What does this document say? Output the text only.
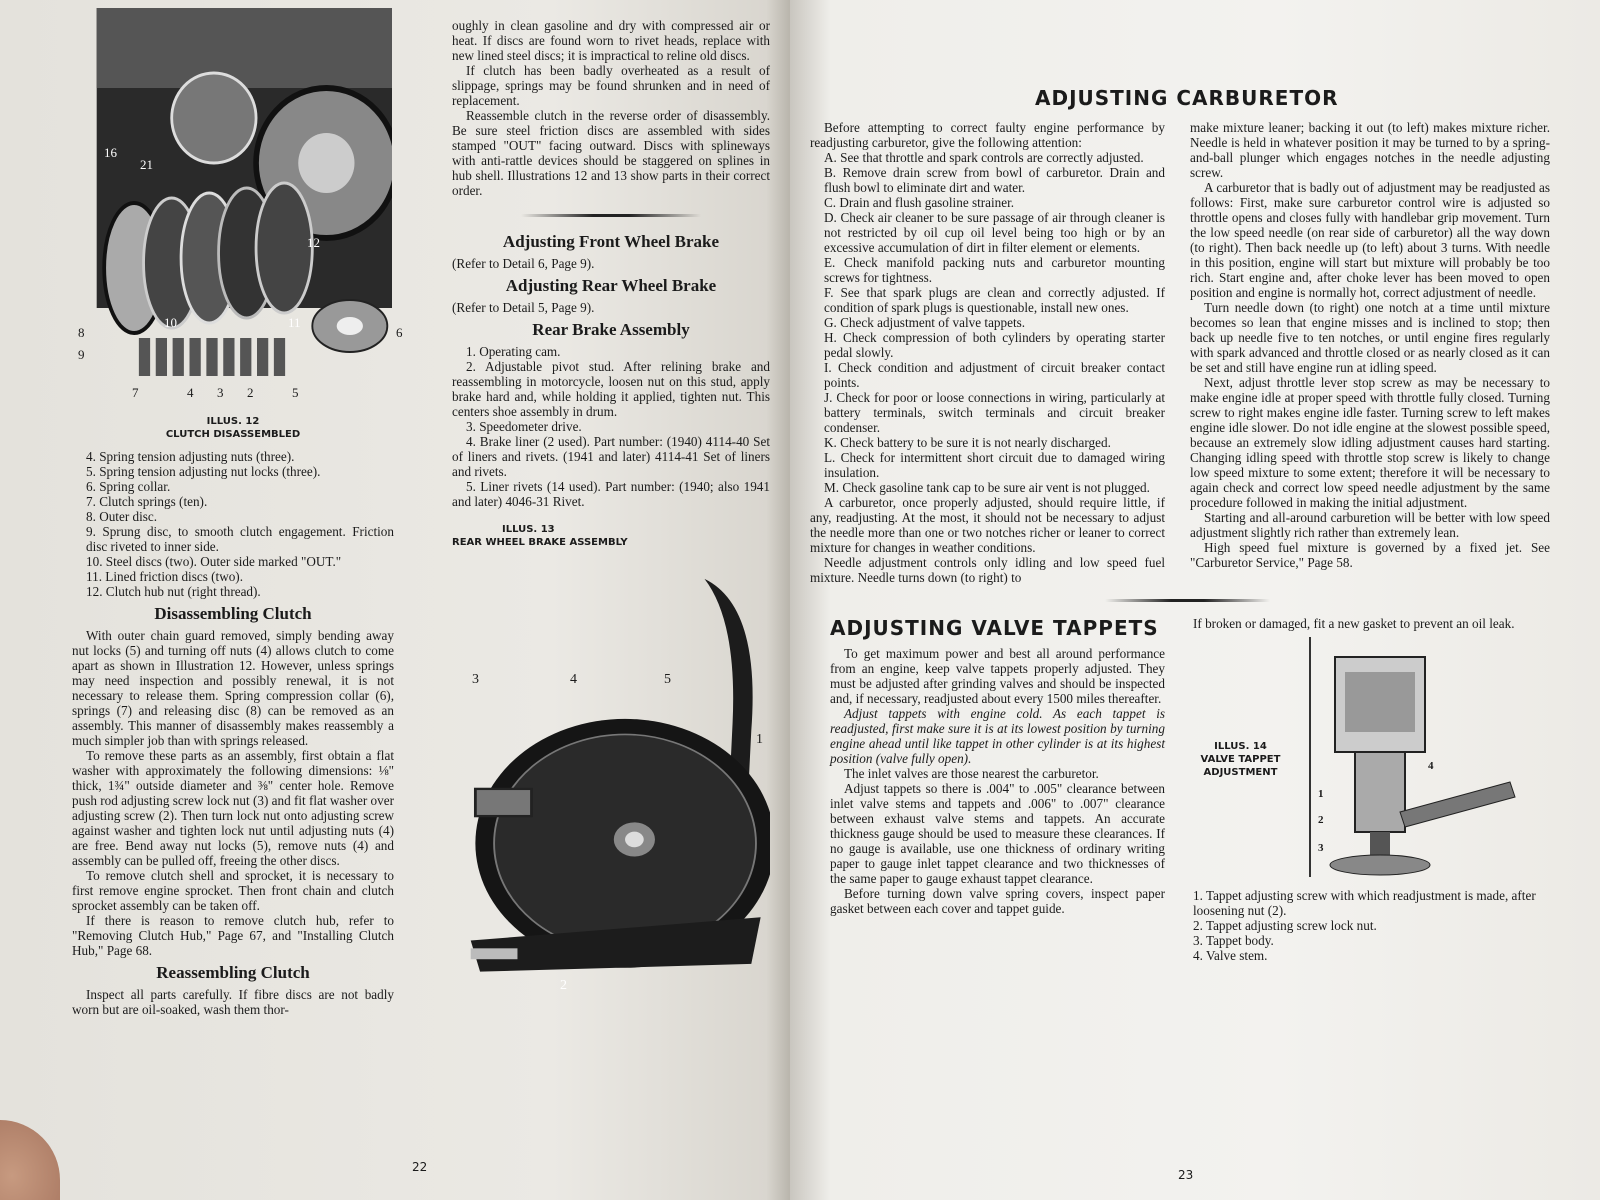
16
21
12
8
9
10	11
6
7	4 3 2	5
ILLUS. 12
CLUTCH DISASSEMBLED

4. Spring tension adjusting nuts (three).

5. Spring tension adjusting nut locks (three).

6. Spring collar.

7. Clutch springs (ten).

8. Outer disc.

9. Sprung disc, to smooth clutch engagement. Friction disc riveted to inner side.

10. Steel discs (two). Outer side marked "OUT."

11. Lined friction discs (two).

12. Clutch hub nut (right thread).

Disassembling Clutch

With outer chain guard removed, simply bending away nut locks (5) and turning off nuts (4) allows clutch to come apart as shown in Illustration 12. However, unless springs may need inspection and possibly renewal, it is not necessary to release them. Spring compression collar (6), springs (7) and releasing disc (8) can be removed as an assembly. This manner of disassembly makes reassembly a much simpler job than with springs released.

To remove these parts as an assembly, first obtain a flat washer with approximately the following dimensions: ⅛" thick, 1¾" outside diameter and ⅜" center hole. Remove push rod adjusting screw lock nut (3) and fit flat washer over adjusting screw (2). Then turn lock nut onto adjusting screw against washer and tighten lock nut until adjusting nuts (4) are free. Bend away nut locks (5), remove nuts (4) and assembly can be pulled off, freeing the other discs.

To remove clutch shell and sprocket, it is necessary to first remove engine sprocket. Then front chain and clutch sprocket assembly can be taken off.

If there is reason to remove clutch hub, refer to "Removing Clutch Hub," Page 67, and "Installing Clutch Hub," Page 68.

Reassembling Clutch

Inspect all parts carefully. If fibre discs are not badly worn but are oil-soaked, wash them thor-

oughly in clean gasoline and dry with compressed air or heat. If discs are found worn to rivet heads, replace with new lined steel discs; it is impractical to reline old discs.

If clutch has been badly overheated as a result of slippage, springs may be found shrunken and in need of replacement.

Reassemble clutch in the reverse order of disassembly. Be sure steel friction discs are assembled with sides stamped "OUT" facing outward. Discs with splineways with anti-rattle devices should be staggered on splines in hub shell. Illustrations 12 and 13 show parts in their correct order.

Adjusting Front Wheel Brake

(Refer to Detail 6, Page 9).

Adjusting Rear Wheel Brake

(Refer to Detail 5, Page 9).

Rear Brake Assembly

1. Operating cam.

2. Adjustable pivot stud. After relining brake and reassembling in motorcycle, loosen nut on this stud, apply brake hard and, while holding it applied, tighten nut. This centers shoe assembly in drum.

3. Speedometer drive.

4. Brake liner (2 used). Part number: (1940) 4114-40 Set of liners and rivets. (1941 and later) 4114-41 Set of liners and rivets.

5. Liner rivets (14 used). Part number: (1940; also 1941 and later) 4046-31 Rivet.

ILLUS. 13
REAR WHEEL BRAKE ASSEMBLY
3	4	5
1
2
22
ADJUSTING CARBURETOR

Before attempting to correct faulty engine performance by readjusting carburetor, give the following attention:

A. See that throttle and spark controls are correctly adjusted.

B. Remove drain screw from bowl of carburetor. Drain and flush bowl to eliminate dirt and water.

C. Drain and flush gasoline strainer.

D. Check air cleaner to be sure passage of air through cleaner is not restricted by oil cup oil level being too high or by an excessive accumulation of dirt in filter element or elements.

E. Check manifold packing nuts and carburetor mounting screws for tightness.

F. See that spark plugs are clean and correctly adjusted. If condition of spark plugs is questionable, install new ones.

G. Check adjustment of valve tappets.

H. Check compression of both cylinders by operating starter pedal slowly.

I. Check condition and adjustment of circuit breaker contact points.

J. Check for poor or loose connections in wiring, particularly at battery terminals, switch terminals and circuit breaker condenser.

K. Check battery to be sure it is not nearly discharged.

L. Check for intermittent short circuit due to damaged wiring insulation.

M. Check gasoline tank cap to be sure air vent is not plugged.

A carburetor, once properly adjusted, should require little, if any, readjusting. At the most, it should not be necessary to adjust the needle more than one or two notches richer or leaner to correct mixture for changes in weather conditions.

Needle adjustment controls only idling and low speed fuel mixture. Needle turns down (to right) to

make mixture leaner; backing it out (to left) makes mixture richer. Needle is held in whatever position it may be turned to by a spring-and-ball plunger which engages notches in the needle adjusting screw.

A carburetor that is badly out of adjustment may be readjusted as follows: First, make sure carburetor control wire is adjusted so throttle opens and closes fully with handlebar grip movement. Turn the low speed needle (on rear side of carburetor) all the way down (to right). Then back needle up (to left) about 3 turns. With needle in this position, engine will start but mixture will probably be too rich. Start engine and, after choke lever has been moved to open position and engine is normally hot, correct adjustment of needle.

Turn needle down (to right) one notch at a time until mixture becomes so lean that engine misses and is inclined to stop; then back up needle five to ten notches, or until engine fires regularly with spark advanced and throttle closed or as nearly closed as it can be set and still have engine run at idling speed.

Next, adjust throttle lever stop screw as may be necessary to make engine idle at proper speed with throttle fully closed. Turning screw to right makes engine idle faster. Turning screw to left makes engine idle slower. Do not idle engine at the slowest possible speed, because an extremely slow idling adjustment causes hard starting. Changing idling speed with throttle stop screw is likely to change low speed mixture to some extent; therefore it will be necessary to again check and correct low speed needle adjustment by the same procedure followed in making the initial adjustment.

Starting and all-around carburetion will be better with low speed adjustment slightly rich rather than extremely lean.

High speed fuel mixture is governed by a fixed jet. See "Carburetor Service," Page 58.

ADJUSTING VALVE TAPPETS

To get maximum power and best all around performance from an engine, keep valve tappets properly adjusted. They must be adjusted after grinding valves and should be inspected and, if necessary, readjusted about every 1500 miles thereafter.

Adjust tappets with engine cold. As each tappet is readjusted, first make sure it is at its lowest position by turning engine ahead until like tappet in other cylinder is at its highest position (valve fully open).

The inlet valves are those nearest the carburetor.

Adjust tappets so there is .004" to .005" clearance between inlet valve stems and tappets and .006" to .007" clearance between exhaust valve stems and tappets. An accurate thickness gauge should be used to measure these clearances. If no gauge is available, use one thickness of ordinary writing paper to gauge inlet tappet clearance and two thicknesses of the same paper to gauge exhaust tappet clearance.

Before turning down valve spring covers, inspect paper gasket between each cover and tappet guide.

If broken or damaged, fit a new gasket to prevent an oil leak.
ILLUS. 14
VALVE TAPPET ADJUSTMENT
4
1
2
3

1. Tappet adjusting screw with which readjustment is made, after loosening nut (2).

2. Tappet adjusting screw lock nut.

3. Tappet body.

4. Valve stem.

23
